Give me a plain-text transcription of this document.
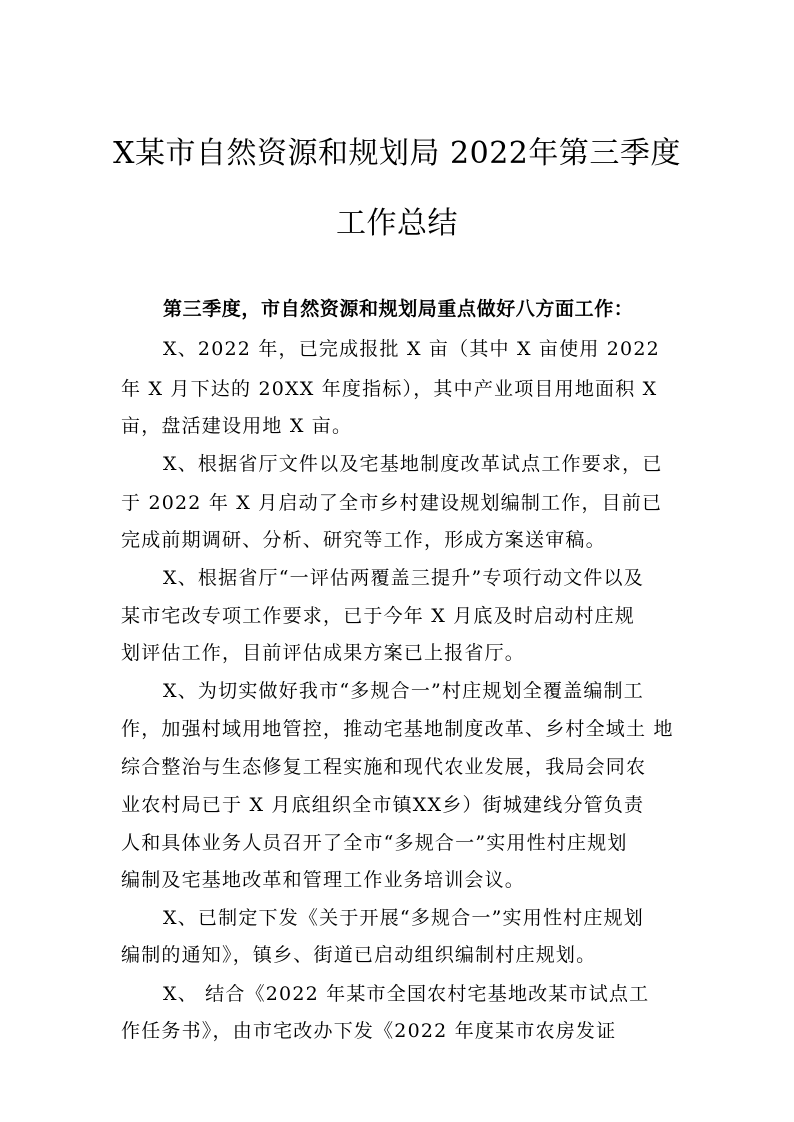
X某市自然资源和规划局 2022年第三季度
工作总结
第三季度，市自然资源和规划局重点做好八方面工作：
X、2022 年，已完成报批 X 亩（其中 X 亩使用 2022
年 X 月下达的 20XX 年度指标），其中产业项目用地面积 X
亩，盘活建设用地 X 亩。
X、根据省厅文件以及宅基地制度改革试点工作要求，已
于 2022 年 X 月启动了全市乡村建设规划编制工作，目前已
完成前期调研、分析、研究等工作，形成方案送审稿。
X、根据省厅“一评估两覆盖三提升”专项行动文件以及
某市宅改专项工作要求，已于今年 X 月底及时启动村庄规
划评估工作，目前评估成果方案已上报省厅。
X、为切实做好我市“多规合一”村庄规划全覆盖编制工
作，加强村域用地管控，推动宅基地制度改革、乡村全域土 地
综合整治与生态修复工程实施和现代农业发展，我局会同农
业农村局已于 X 月底组织全市镇XX乡）街城建线分管负责
人和具体业务人员召开了全市“多规合一”实用性村庄规划
编制及宅基地改革和管理工作业务培训会议。
X、已制定下发《关于开展“多规合一”实用性村庄规划
编制的通知》，镇乡、街道已启动组织编制村庄规划。
X、 结合《2022 年某市全国农村宅基地改某市试点工
作任务书》，由市宅改办下发《2022 年度某市农房发证
